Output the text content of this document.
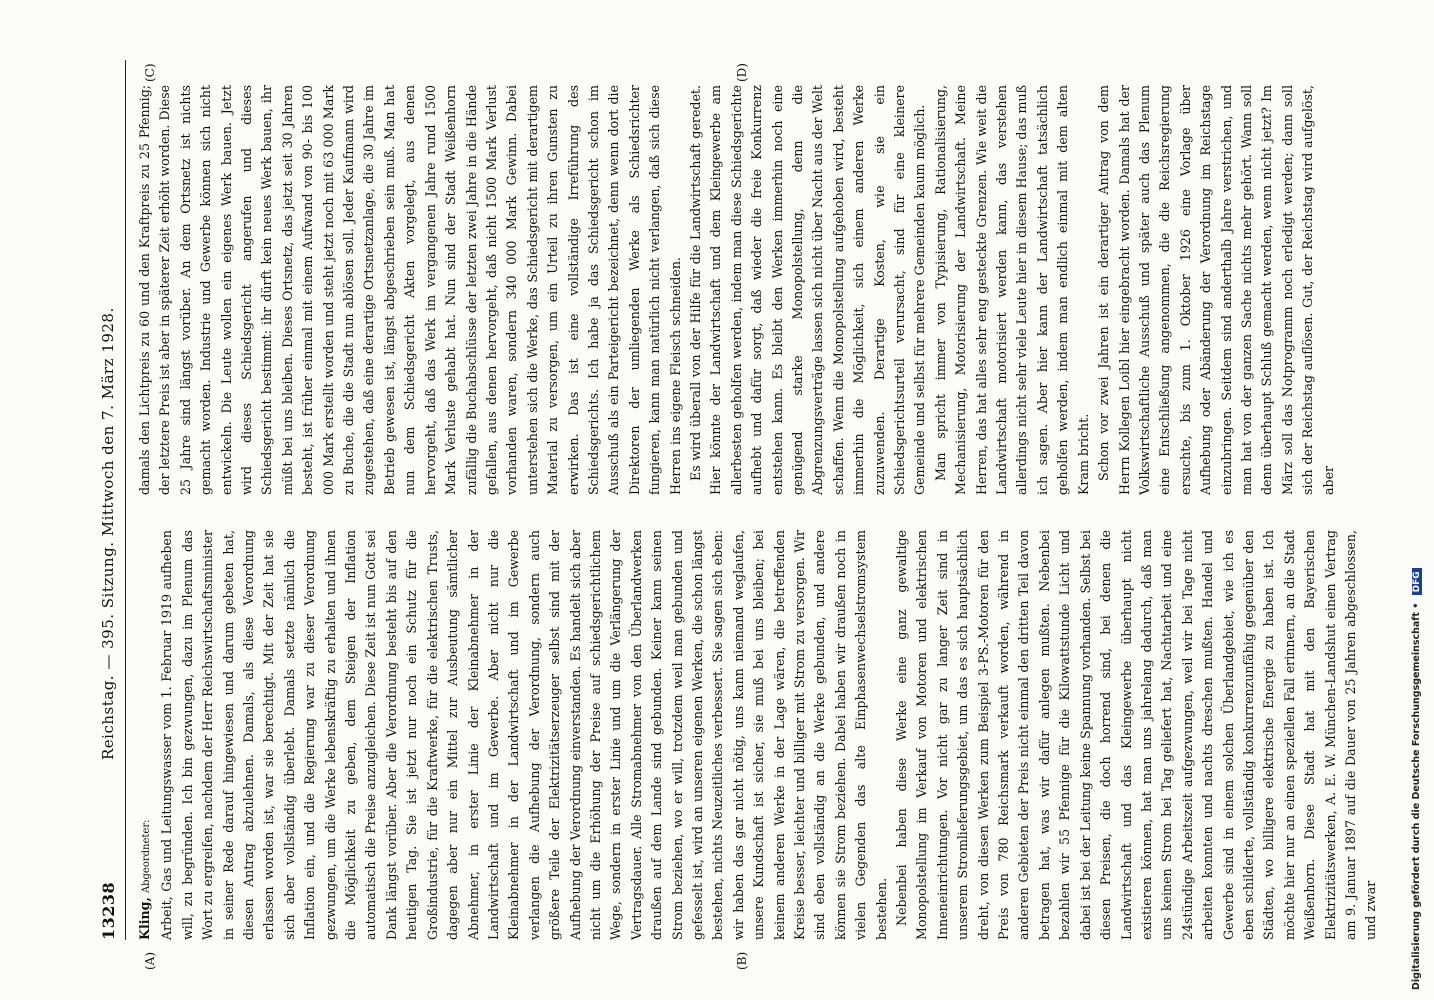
13238
Reichstag. — 395. Sitzung. Mittwoch den 7. März 1928.
(A)	(B)
(C)	(D)

Kling, Abgeordneter: Arbeit, Gas und Leitungswasser vom 1. Februar 1919 aufheben will, zu begründen. Ich bin gezwungen, dazu im Plenum das Wort zu ergreifen, nachdem der Herr Reichswirtschaftsminister in seiner Rede darauf hingewiesen und darum gebeten hat, diesen Antrag abzulehnen. Damals, als diese Verordnung erlassen worden ist, war sie berechtigt. Mit der Zeit hat sie sich aber vollständig überlebt. Damals setzte nämlich die Inflation ein, und die Regierung war zu dieser Verordnung gezwungen, um die Werke lebenskräftig zu erhalten und ihnen die Möglichkeit zu geben, dem Steigen der Inflation automatisch die Preise anzugleichen. Diese Zeit ist nun Gott sei Dank längst vorüber. Aber die Verordnung besteht bis auf den heutigen Tag. Sie ist jetzt nur noch ein Schutz für die Großindustrie, für die Kraftwerke, für die elektrischen Trusts, dagegen aber nur ein Mittel zur Ausbeutung sämtlicher Abnehmer, in erster Linie der Kleinabnehmer in der Landwirtschaft und im Gewerbe. Aber nicht nur die Kleinabnehmer in der Landwirtschaft und im Gewerbe verlangen die Aufhebung der Verordnung, sondern auch größere Teile der Elektrizitätserzeuger selbst sind mit der Aufhebung der Verordnung einverstanden. Es handelt sich aber nicht um die Erhöhung der Preise auf schiedsgerichtlichem Wege, sondern in erster Linie und um die Verlängerung der Vertragsdauer. Alle Stromabnehmer von den Überlandwerken draußen auf dem Lande sind gebunden. Keiner kann seinen Strom beziehen, wo er will, trotzdem weil man gebunden und gefesselt ist, wird an unseren eigenen Werken, die schon längst bestehen, nichts Neuzeitliches verbessert. Sie sagen sich eben: wir haben das gar nicht nötig, uns kann niemand weglaufen, unsere Kundschaft ist sicher, sie muß bei uns bleiben; bei keinem anderen Werke in der Lage wären, die betreffenden Kreise besser, leichter und billiger mit Strom zu versorgen. Wir sind eben vollständig an die Werke gebunden, und andere können sie Strom beziehen. Dabei haben wir draußen noch in vielen Gegenden das alte Einphasenwechselstromsystem bestehen. Nebenbei haben diese Werke eine ganz gewaltige Monopolstellung im Verkauf von Motoren und elektrischen Inneneinrichtungen. Vor nicht gar zu langer Zeit sind in unserem Stromlieferungsgebiet, um das es sich hauptsächlich dreht, von diesen Werken zum Beispiel 3-PS.-Motoren für den Preis von 780 Reichsmark verkauft worden, während in anderen Gebieten der Preis nicht einmal den dritten Teil davon betragen hat, was wir dafür anlegen mußten. Nebenbei bezahlen wir 55 Pfennige für die Kilowattstunde Licht und dabei ist bei der Leitung keine Spannung vorhanden. Selbst bei diesen Preisen, die doch horrend sind, bei denen die Landwirtschaft und das Kleingewerbe überhaupt nicht existieren können, hat man uns jahrelang dadurch, daß man uns keinen Strom bei Tag geliefert hat, Nachtarbeit und eine 24stündige Arbeitszeit aufgezwungen, weil wir bei Tage nicht arbeiten konnten und nachts dreschen mußten. Handel und Gewerbe sind in einem solchen Überlandgebiet, wie ich es eben schilderte, vollständig konkurrenzunfähig gegenüber den Städten, wo billigere elektrische Energie zu haben ist. Ich möchte hier nur an einen speziellen Fall erinnern, an die Stadt Weißenhorn. Diese Stadt hat mit den Bayerischen Elektrizitätswerken, A. E. W. München-Landshut einen Vertrag am 9. Januar 1897 auf die Dauer von 25 Jahren abgeschlossen, und zwar

damals den Lichtpreis zu 60 und den Kraftpreis zu 25 Pfennig; der letztere Preis ist aber in späterer Zeit erhöht worden. Diese 25 Jahre sind längst vorüber. An dem Ortsnetz ist nichts gemacht worden. Industrie und Gewerbe können sich nicht entwickeln. Die Leute wollen ein eigenes Werk bauen. Jetzt wird dieses Schiedsgericht angerufen und dieses Schiedsgericht bestimmt: ihr dürft kein neues Werk bauen, ihr müßt bei uns bleiben. Dieses Ortsnetz, das jetzt seit 30 Jahren besteht, ist früher einmal mit einem Aufwand von 90- bis 100 000 Mark erstellt worden und steht jetzt noch mit 63 000 Mark zu Buche, die die Stadt nun ablösen soll. Jeder Kaufmann wird zugestehen, daß eine derartige Ortsnetzanlage, die 30 Jahre im Betrieb gewesen ist, längst abgeschrieben sein muß. Man hat nun dem Schiedsgericht Akten vorgelegt, aus denen hervorgeht, daß das Werk im vergangenen Jahre rund 1500 Mark Verluste gehabt hat. Nun sind der Stadt Weißenhorn zufällig die Buchabschlüsse der letzten zwei Jahre in die Hände gefallen, aus denen hervorgeht, daß nicht 1500 Mark Verlust vorhanden waren, sondern 340 000 Mark Gewinn. Dabei unterstehen sich die Werke, das Schiedsgericht mit derartigem Material zu versorgen, um ein Urteil zu ihren Gunsten zu erwirken. Das ist eine vollständige Irreführung des Schiedsgerichts. Ich habe ja das Schiedsgericht schon im Ausschuß als ein Parteigericht bezeichnet, denn wenn dort die Direktoren der umliegenden Werke als Schiedsrichter fungieren, kann man natürlich nicht verlangen, daß sich diese Herren ins eigene Fleisch schneiden. Es wird überall von der Hilfe für die Landwirtschaft geredet. Hier könnte der Landwirtschaft und dem Kleingewerbe am allerbesten geholfen werden, indem man diese Schiedsgerichte aufhebt und dafür sorgt, daß wieder die freie Konkurrenz entstehen kann. Es bleibt den Werken immerhin noch eine genügend starke Monopolstellung, denn die Abgrenzungsverträge lassen sich nicht über Nacht aus der Welt schaffen. Wenn die Monopolstellung aufgehoben wird, besteht immerhin die Möglichkeit, sich einem anderen Werke zuzuwenden. Derartige Kosten, wie sie ein Schiedsgerichtsurteil verursacht, sind für eine kleinere Gemeinde und selbst für mehrere Gemeinden kaum möglich. Man spricht immer von Typisierung, Rationalisierung, Mechanisierung, Motorisierung der Landwirtschaft. Meine Herren, das hat alles sehr eng gesteckte Grenzen. Wie weit die Landwirtschaft motorisiert werden kann, das verstehen allerdings nicht sehr viele Leute hier in diesem Hause; das muß ich sagen. Aber hier kann der Landwirtschaft tatsächlich geholfen werden, indem man endlich einmal mit dem alten Kram bricht. Schon vor zwei Jahren ist ein derartiger Antrag von dem Herrn Kollegen Loibl hier eingebracht worden. Damals hat der Volkswirtschaftliche Ausschuß und später auch das Plenum eine Entschließung angenommen, die die Reichsregierung ersuchte, bis zum 1. Oktober 1926 eine Vorlage über Aufhebung oder Abänderung der Verordnung im Reichstage einzubringen. Seitdem sind anderthalb Jahre verstrichen, und man hat von der ganzen Sache nichts mehr gehört. Wann soll denn überhaupt Schluß gemacht werden, wenn nicht jetzt? Im März soll das Notprogramm noch erledigt werden; dann soll sich der Reichstag auflösen. Gut, der Reichstag wird aufgelöst, aber

Digitalisierung gefördert durch die Deutsche Forschungsgemeinschaft • DFG
